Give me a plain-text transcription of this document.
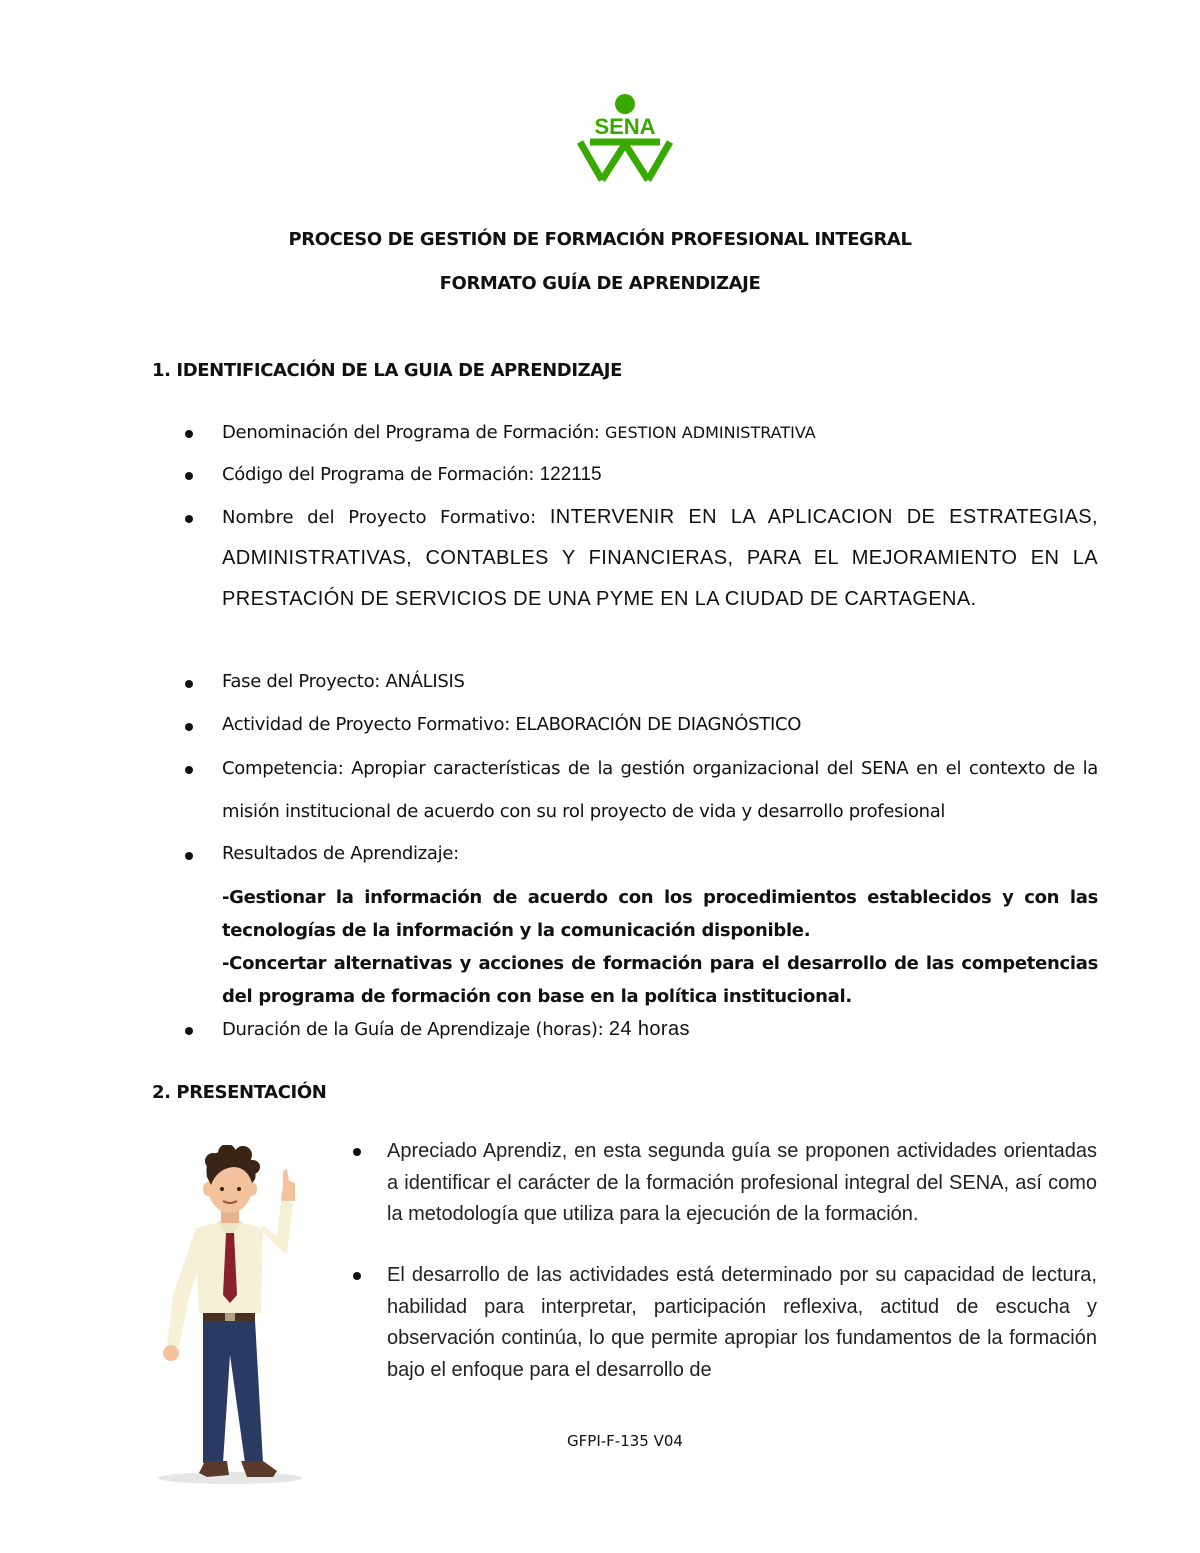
SENA
PROCESO DE GESTIÓN DE FORMACIÓN PROFESIONAL INTEGRAL
FORMATO GUÍA DE APRENDIZAJE
1. IDENTIFICACIÓN DE LA GUIA DE APRENDIZAJE
Denominación del Programa de Formación: GESTION ADMINISTRATIVA
Código del Programa de Formación: 122115
Nombre del Proyecto Formativo: INTERVENIR EN LA APLICACION DE ESTRATEGIAS, ADMINISTRATIVAS, CONTABLES Y FINANCIERAS, PARA EL MEJORAMIENTO EN LA PRESTACIÓN DE SERVICIOS DE UNA PYME EN LA CIUDAD DE CARTAGENA.
Fase del Proyecto: ANÁLISIS
Actividad de Proyecto Formativo: ELABORACIÓN DE DIAGNÓSTICO
Competencia: Apropiar características de la gestión organizacional del SENA en el contexto de la misión institucional de acuerdo con su rol proyecto de vida y desarrollo profesional
Resultados de Aprendizaje:

-Gestionar la información de acuerdo con los procedimientos establecidos y con las tecnologías de la información y la comunicación disponible.

-Concertar alternativas y acciones de formación para el desarrollo de las competencias del programa de formación con base en la política institucional.

Duración de la Guía de Aprendizaje (horas): 24 horas
2. PRESENTACIÓN

Apreciado Aprendiz, en esta segunda guía se proponen actividades orientadas a identificar el carácter de la formación profesional integral del SENA, así como la metodología que utiliza para la ejecución de la formación.

El desarrollo de las actividades está determinado por su capacidad de lectura, habilidad para interpretar, participación reflexiva, actitud de escucha y observación continúa, lo que permite apropiar los fundamentos de la formación bajo el enfoque para el desarrollo de

GFPI-F-135 V04
